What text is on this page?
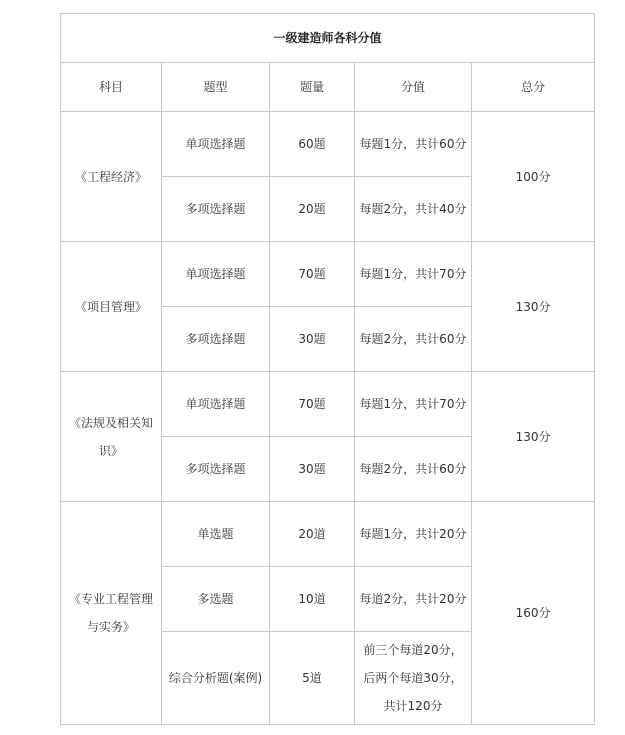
一级建造师各科分值				
科目	题型	题量	分值	总分
《工程经济》	单项选择题	60题	每题1分，共计60分	100分
	多项选择题	20题	每题2分，共计40分	
《项目管理》	单项选择题	70题	每题1分，共计70分	130分
	多项选择题	30题	每题2分，共计60分	
《法规及相关知识》	单项选择题	70题	每题1分，共计70分	130分
	多项选择题	30题	每题2分，共计60分	
《专业工程管理与实务》	单选题	20道	每题1分，共计20分	160分
	多选题	10道	每道2分，共计20分	
	综合分析题(案例)	5道	前三个每道20分，后两个每道30分，共计120分	
